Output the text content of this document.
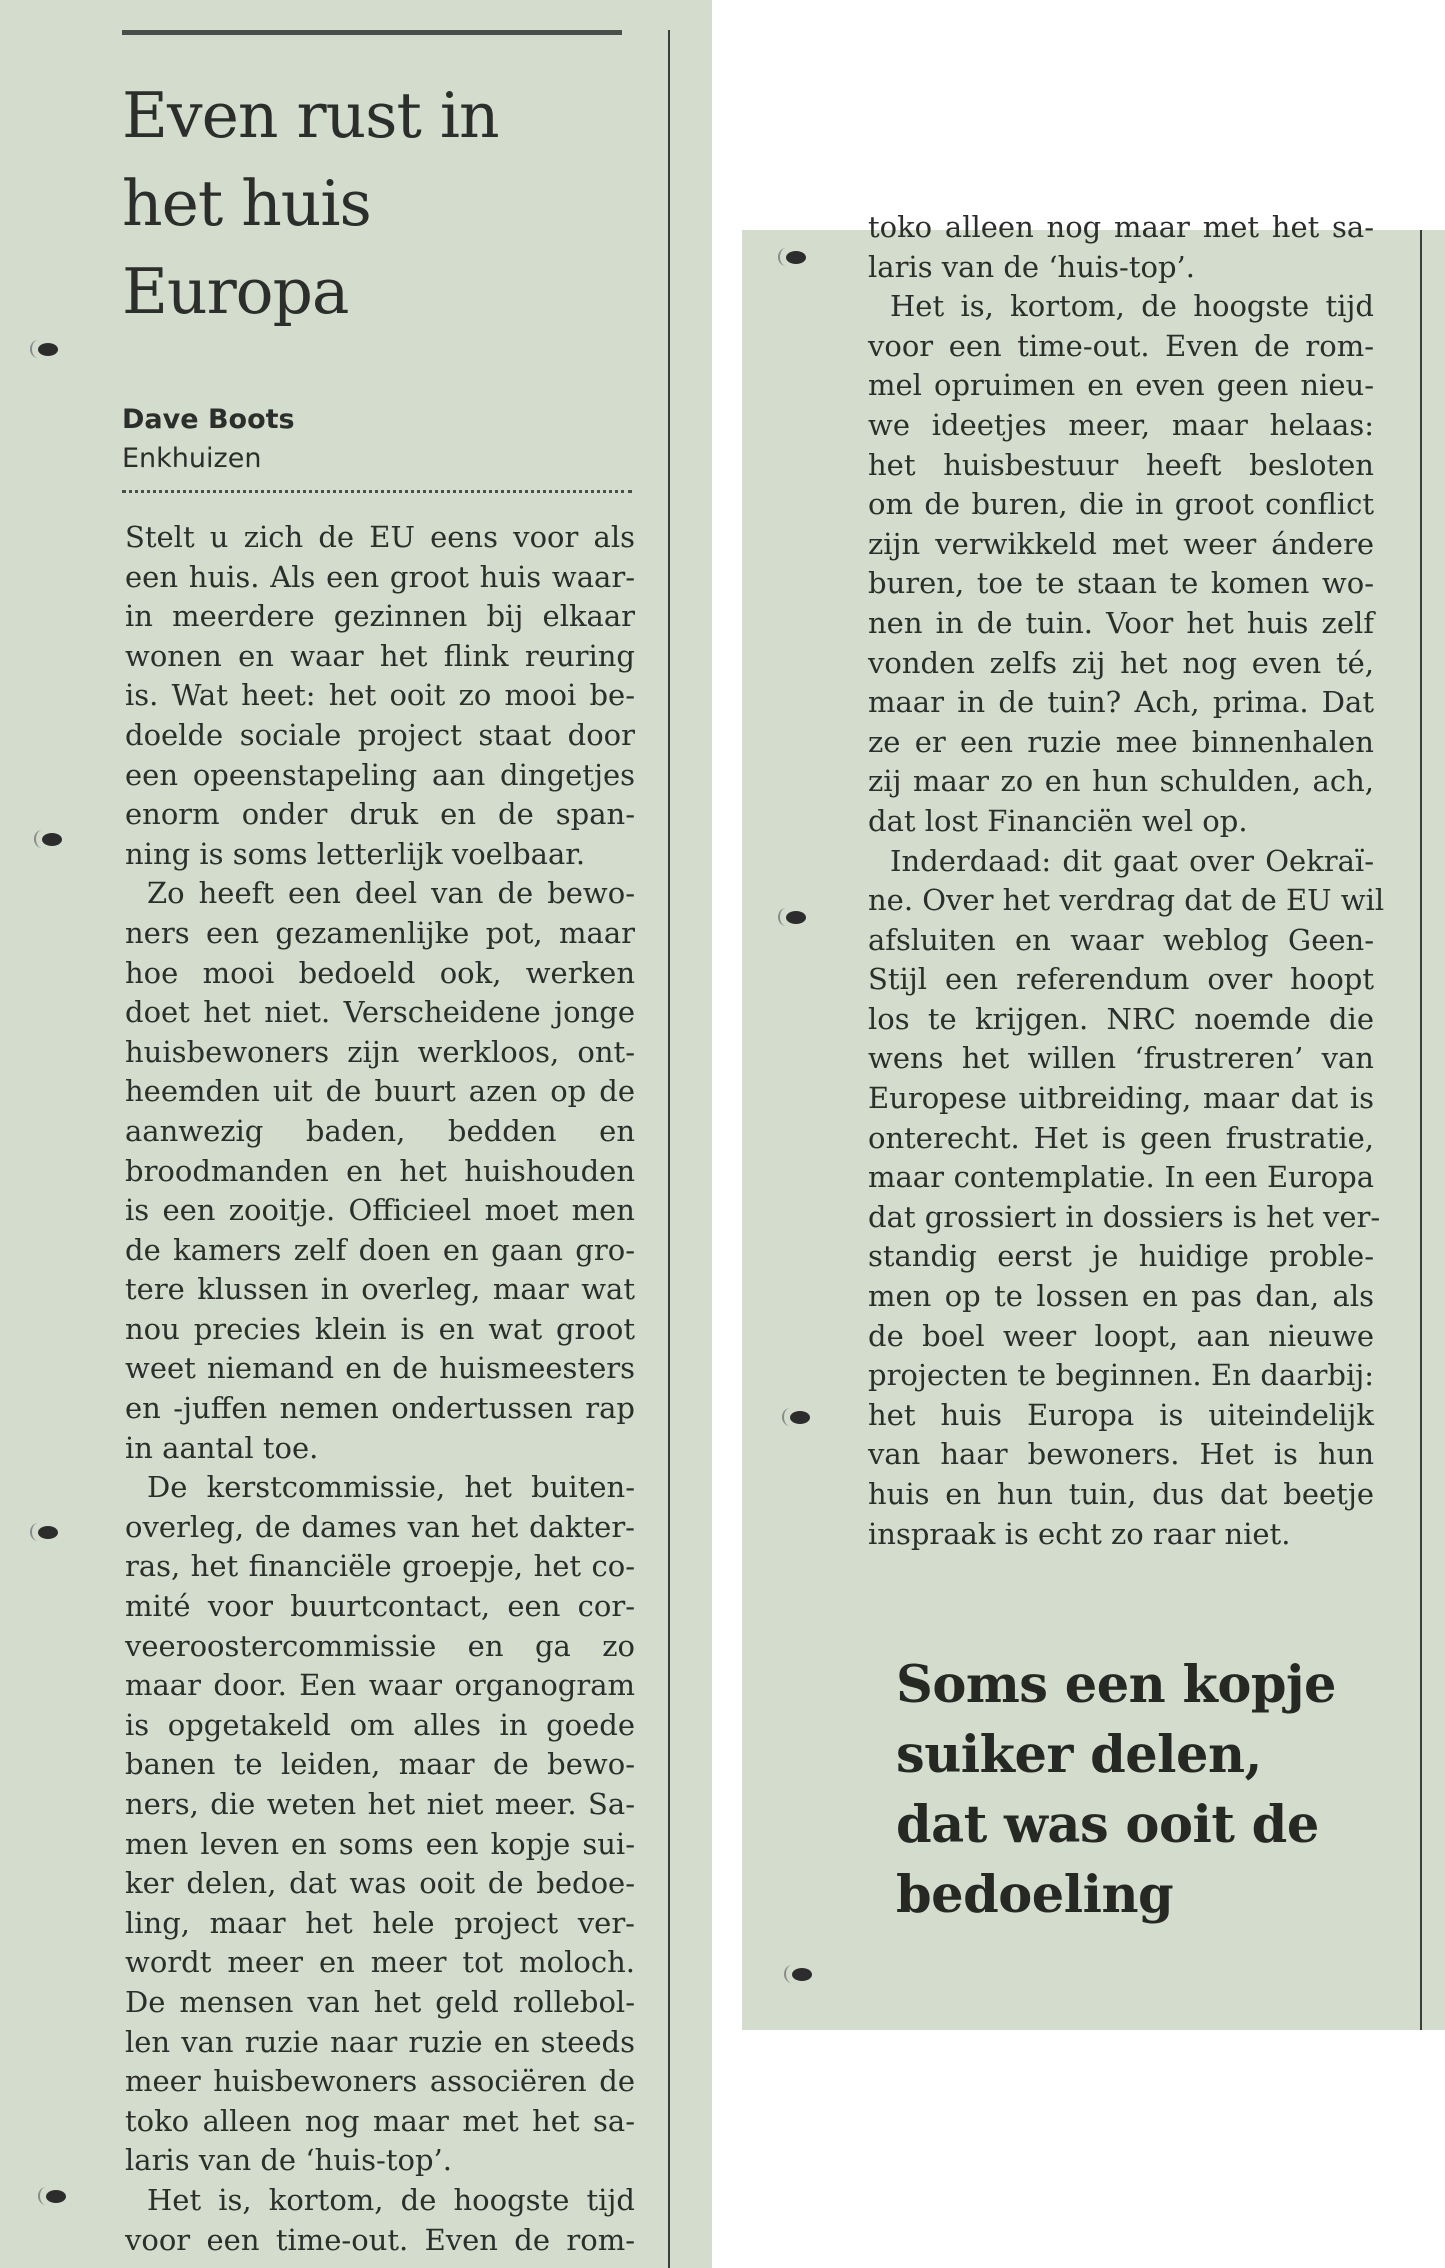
Even rust in
het huis
Europa
Dave Boots
Enkhuizen
Stelt u zich de EU eens voor als
een huis. Als een groot huis waar-
in meerdere gezinnen bij elkaar
wonen en waar het flink reuring
is. Wat heet: het ooit zo mooi be-
doelde sociale project staat door
een opeenstapeling aan dingetjes
enorm onder druk en de span-
ning is soms letterlijk voelbaar.
Zo heeft een deel van de bewo-
ners een gezamenlijke pot, maar
hoe mooi bedoeld ook, werken
doet het niet. Verscheidene jonge
huisbewoners zijn werkloos, ont-
heemden uit de buurt azen op de
aanwezig baden, bedden en
broodmanden en het huishouden
is een zooitje. Officieel moet men
de kamers zelf doen en gaan gro-
tere klussen in overleg, maar wat
nou precies klein is en wat groot
weet niemand en de huismeesters
en -juffen nemen ondertussen rap
in aantal toe.
De kerstcommissie, het buiten-
overleg, de dames van het dakter-
ras, het financiële groepje, het co-
mité voor buurtcontact, een cor-
veeroostercommissie en ga zo
maar door. Een waar organogram
is opgetakeld om alles in goede
banen te leiden, maar de bewo-
ners, die weten het niet meer. Sa-
men leven en soms een kopje sui-
ker delen, dat was ooit de bedoe-
ling, maar het hele project ver-
wordt meer en meer tot moloch.
De mensen van het geld rollebol-
len van ruzie naar ruzie en steeds
meer huisbewoners associëren de
toko alleen nog maar met het sa-
laris van de ‘huis-top’.
Het is, kortom, de hoogste tijd
voor een time-out. Even de rom-
toko alleen nog maar met het sa-
laris van de ‘huis-top’.
Het is, kortom, de hoogste tijd
voor een time-out. Even de rom-
mel opruimen en even geen nieu-
we ideetjes meer, maar helaas:
het huisbestuur heeft besloten
om de buren, die in groot conflict
zijn verwikkeld met weer ándere
buren, toe te staan te komen wo-
nen in de tuin. Voor het huis zelf
vonden zelfs zij het nog even té,
maar in de tuin? Ach, prima. Dat
ze er een ruzie mee binnenhalen
zij maar zo en hun schulden, ach,
dat lost Financiën wel op.
Inderdaad: dit gaat over Oekraï-
ne. Over het verdrag dat de EU wil
afsluiten en waar weblog Geen-
Stijl een referendum over hoopt
los te krijgen. NRC noemde die
wens het willen ‘frustreren’ van
Europese uitbreiding, maar dat is
onterecht. Het is geen frustratie,
maar contemplatie. In een Europa
dat grossiert in dossiers is het ver-
standig eerst je huidige proble-
men op te lossen en pas dan, als
de boel weer loopt, aan nieuwe
projecten te beginnen. En daarbij:
het huis Europa is uiteindelijk
van haar bewoners. Het is hun
huis en hun tuin, dus dat beetje
inspraak is echt zo raar niet.
Soms een kopje
suiker delen,
dat was ooit de
bedoeling
